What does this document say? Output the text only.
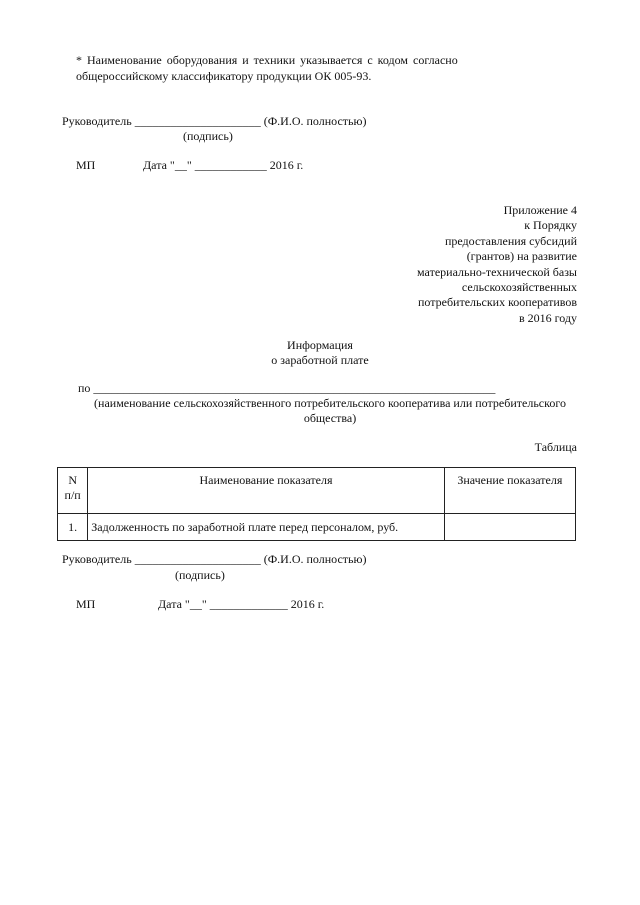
* Наименование оборудования и техники указывается с кодом согласно
общероссийскому классификатору продукции ОК 005-93.
Руководитель _____________________ (Ф.И.О. полностью)
(подпись)
МП	Дата "__" ____________ 2016 г.
Приложение 4
к Порядку
предоставления субсидий
(грантов) на развитие
материально-технической базы
сельскохозяйственных
потребительских кооперативов
в 2016 году
Информация
о заработной плате
по ___________________________________________________________________
(наименование сельскохозяйственного потребительского кооператива или потребительского общества)
Таблица
N
п/п	Наименование показателя	Значение показателя
1.	Задолженность по заработной плате перед персоналом, руб.	
Руководитель _____________________ (Ф.И.О. полностью)
(подпись)
МП	Дата "__" _____________ 2016 г.
